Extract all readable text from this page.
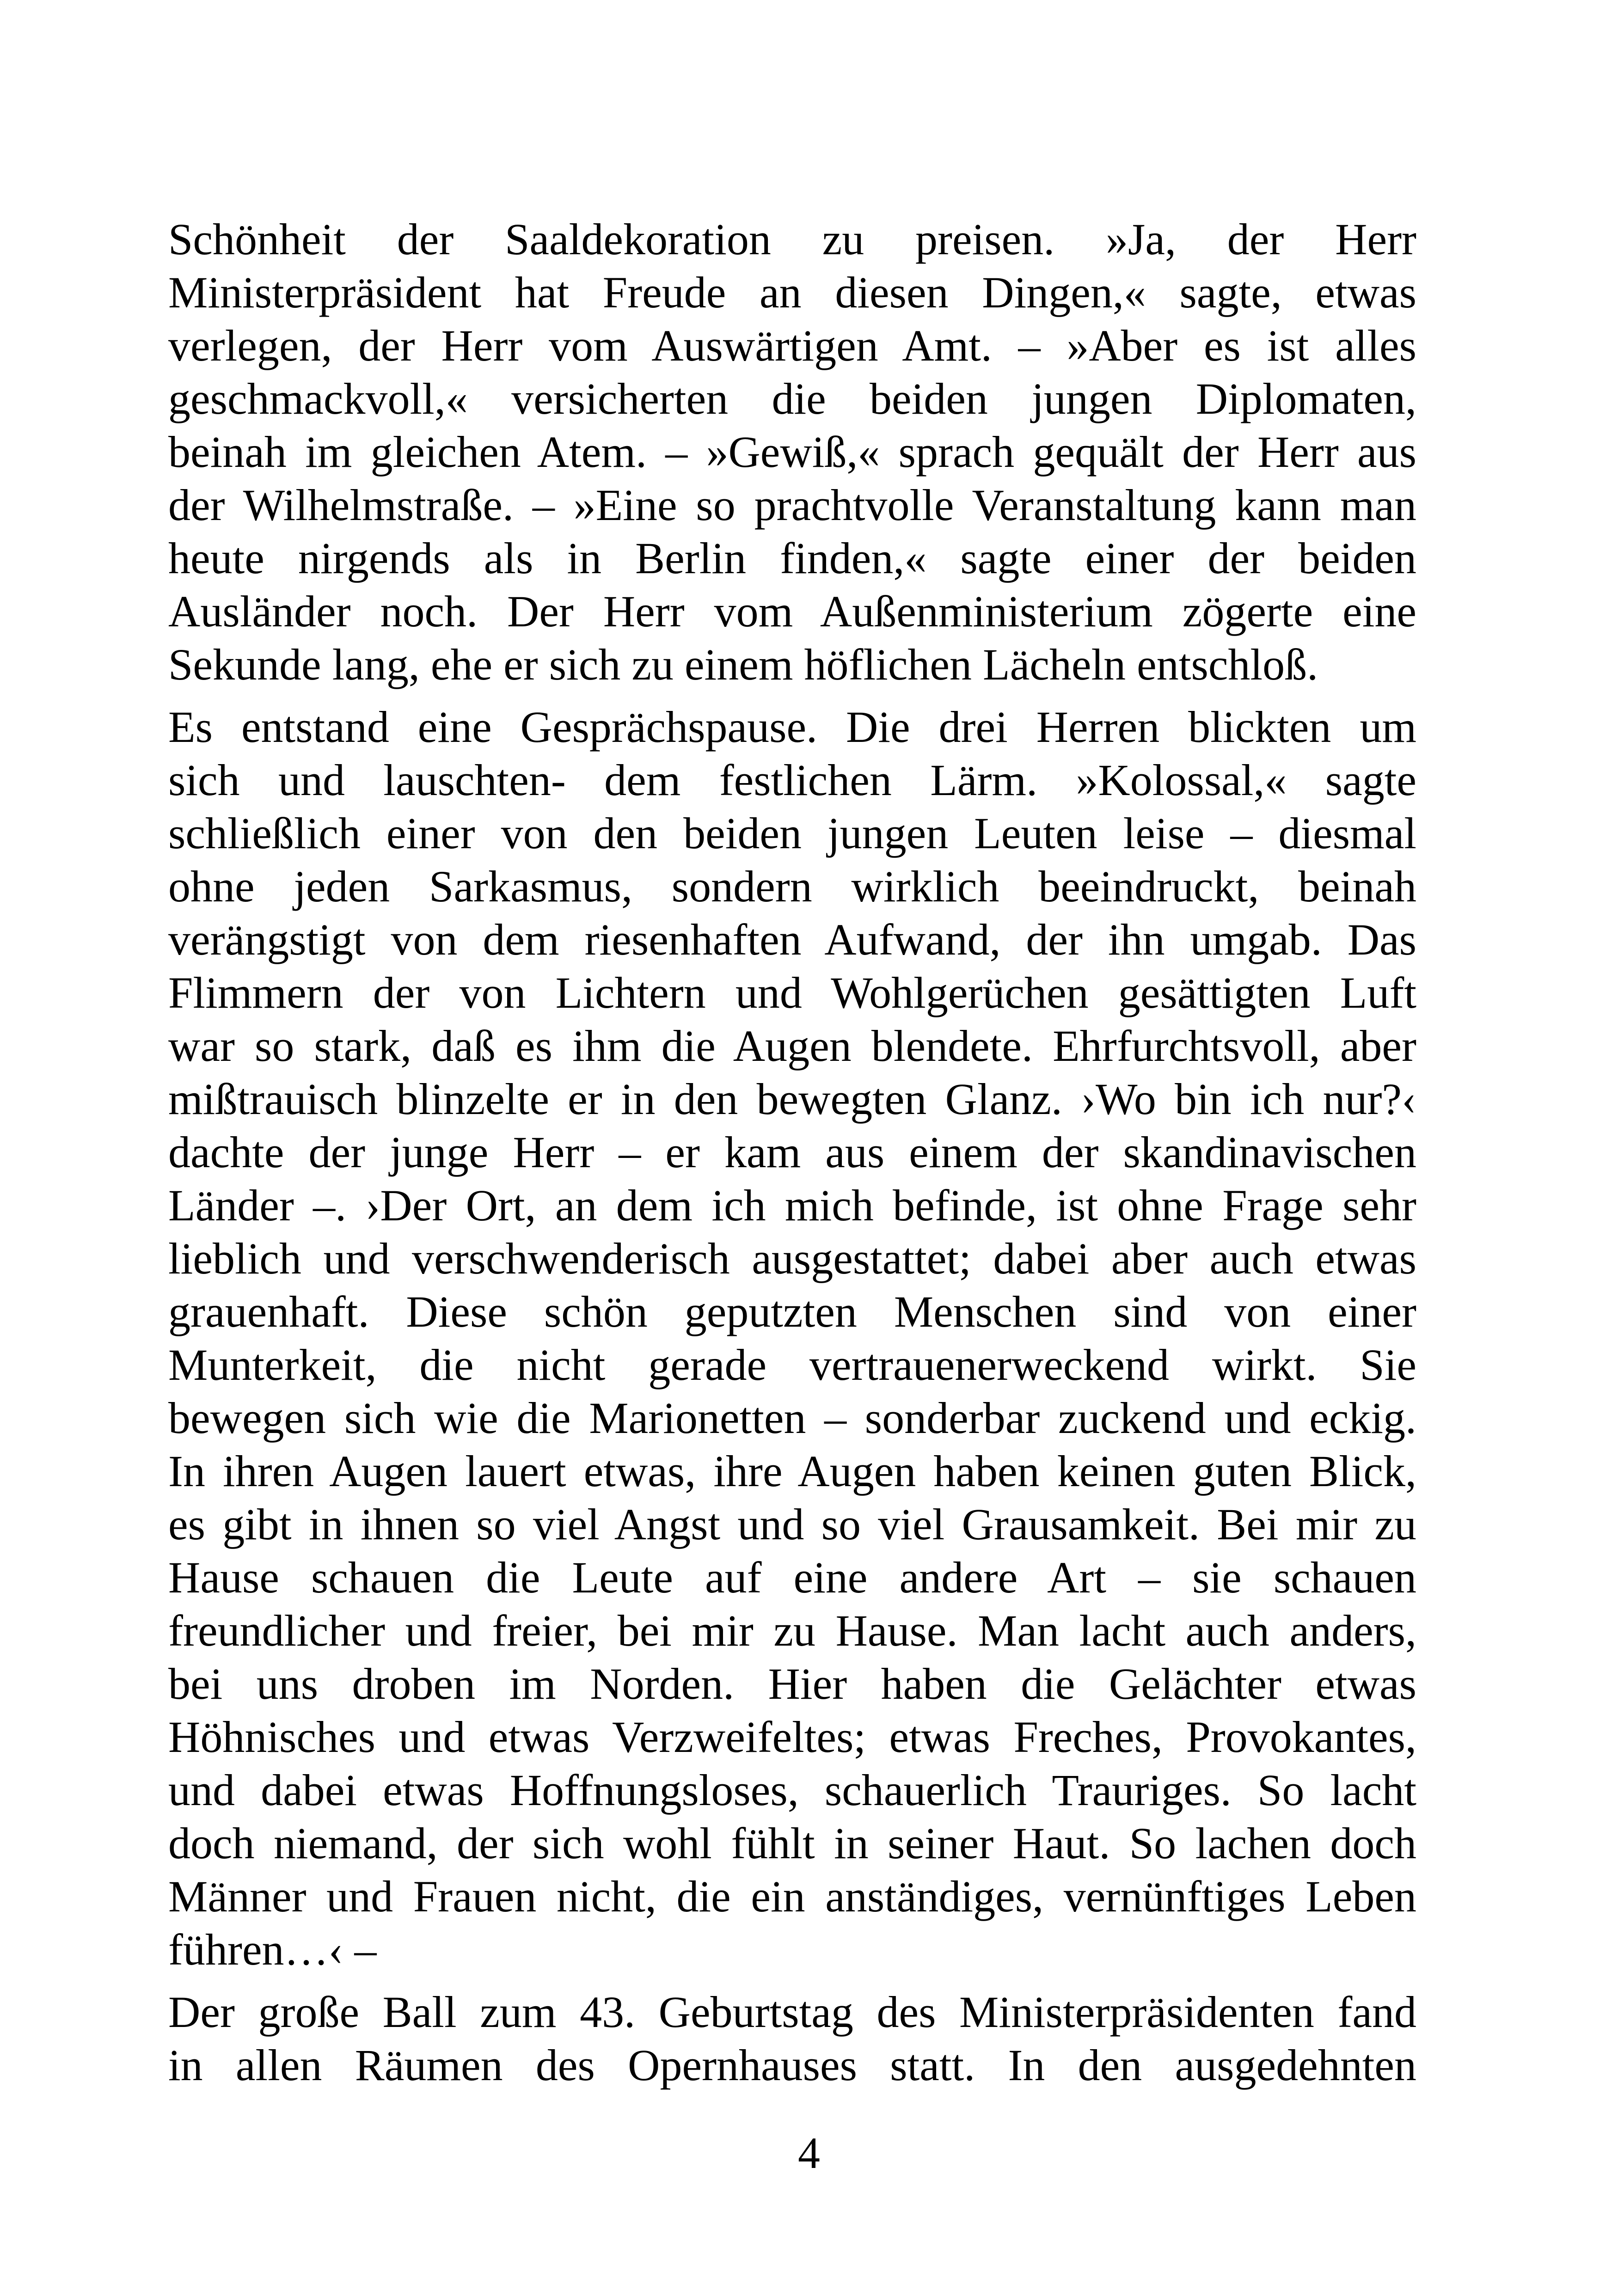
Schönheit der Saaldekoration zu preisen. »Ja, der Herr
Ministerpräsident hat Freude an diesen Dingen,« sagte, etwas
verlegen, der Herr vom Auswärtigen Amt. – »Aber es ist alles
geschmackvoll,« versicherten die beiden jungen Diplomaten,
beinah im gleichen Atem. – »Gewiß,« sprach gequält der Herr aus
der Wilhelmstraße. – »Eine so prachtvolle Veranstaltung kann man
heute nirgends als in Berlin finden,« sagte einer der beiden
Ausländer noch. Der Herr vom Außenministerium zögerte eine
Sekunde lang, ehe er sich zu einem höflichen Lächeln entschloß.
Es entstand eine Gesprächspause. Die drei Herren blickten um
sich und lauschten- dem festlichen Lärm. »Kolossal,« sagte
schließlich einer von den beiden jungen Leuten leise – diesmal
ohne jeden Sarkasmus, sondern wirklich beeindruckt, beinah
verängstigt von dem riesenhaften Aufwand, der ihn umgab. Das
Flimmern der von Lichtern und Wohlgerüchen gesättigten Luft
war so stark, daß es ihm die Augen blendete. Ehrfurchtsvoll, aber
mißtrauisch blinzelte er in den bewegten Glanz. ›Wo bin ich nur?‹
dachte der junge Herr – er kam aus einem der skandinavischen
Länder –. ›Der Ort, an dem ich mich befinde, ist ohne Frage sehr
lieblich und verschwenderisch ausgestattet; dabei aber auch etwas
grauenhaft. Diese schön geputzten Menschen sind von einer
Munterkeit, die nicht gerade vertrauenerweckend wirkt. Sie
bewegen sich wie die Marionetten – sonderbar zuckend und eckig.
In ihren Augen lauert etwas, ihre Augen haben keinen guten Blick,
es gibt in ihnen so viel Angst und so viel Grausamkeit. Bei mir zu
Hause schauen die Leute auf eine andere Art – sie schauen
freundlicher und freier, bei mir zu Hause. Man lacht auch anders,
bei uns droben im Norden. Hier haben die Gelächter etwas
Höhnisches und etwas Verzweifeltes; etwas Freches, Provokantes,
und dabei etwas Hoffnungsloses, schauerlich Trauriges. So lacht
doch niemand, der sich wohl fühlt in seiner Haut. So lachen doch
Männer und Frauen nicht, die ein anständiges, vernünftiges Leben
führen…‹ –
Der große Ball zum 43. Geburtstag des Ministerpräsidenten fand
in allen Räumen des Opernhauses statt. In den ausgedehnten
4
